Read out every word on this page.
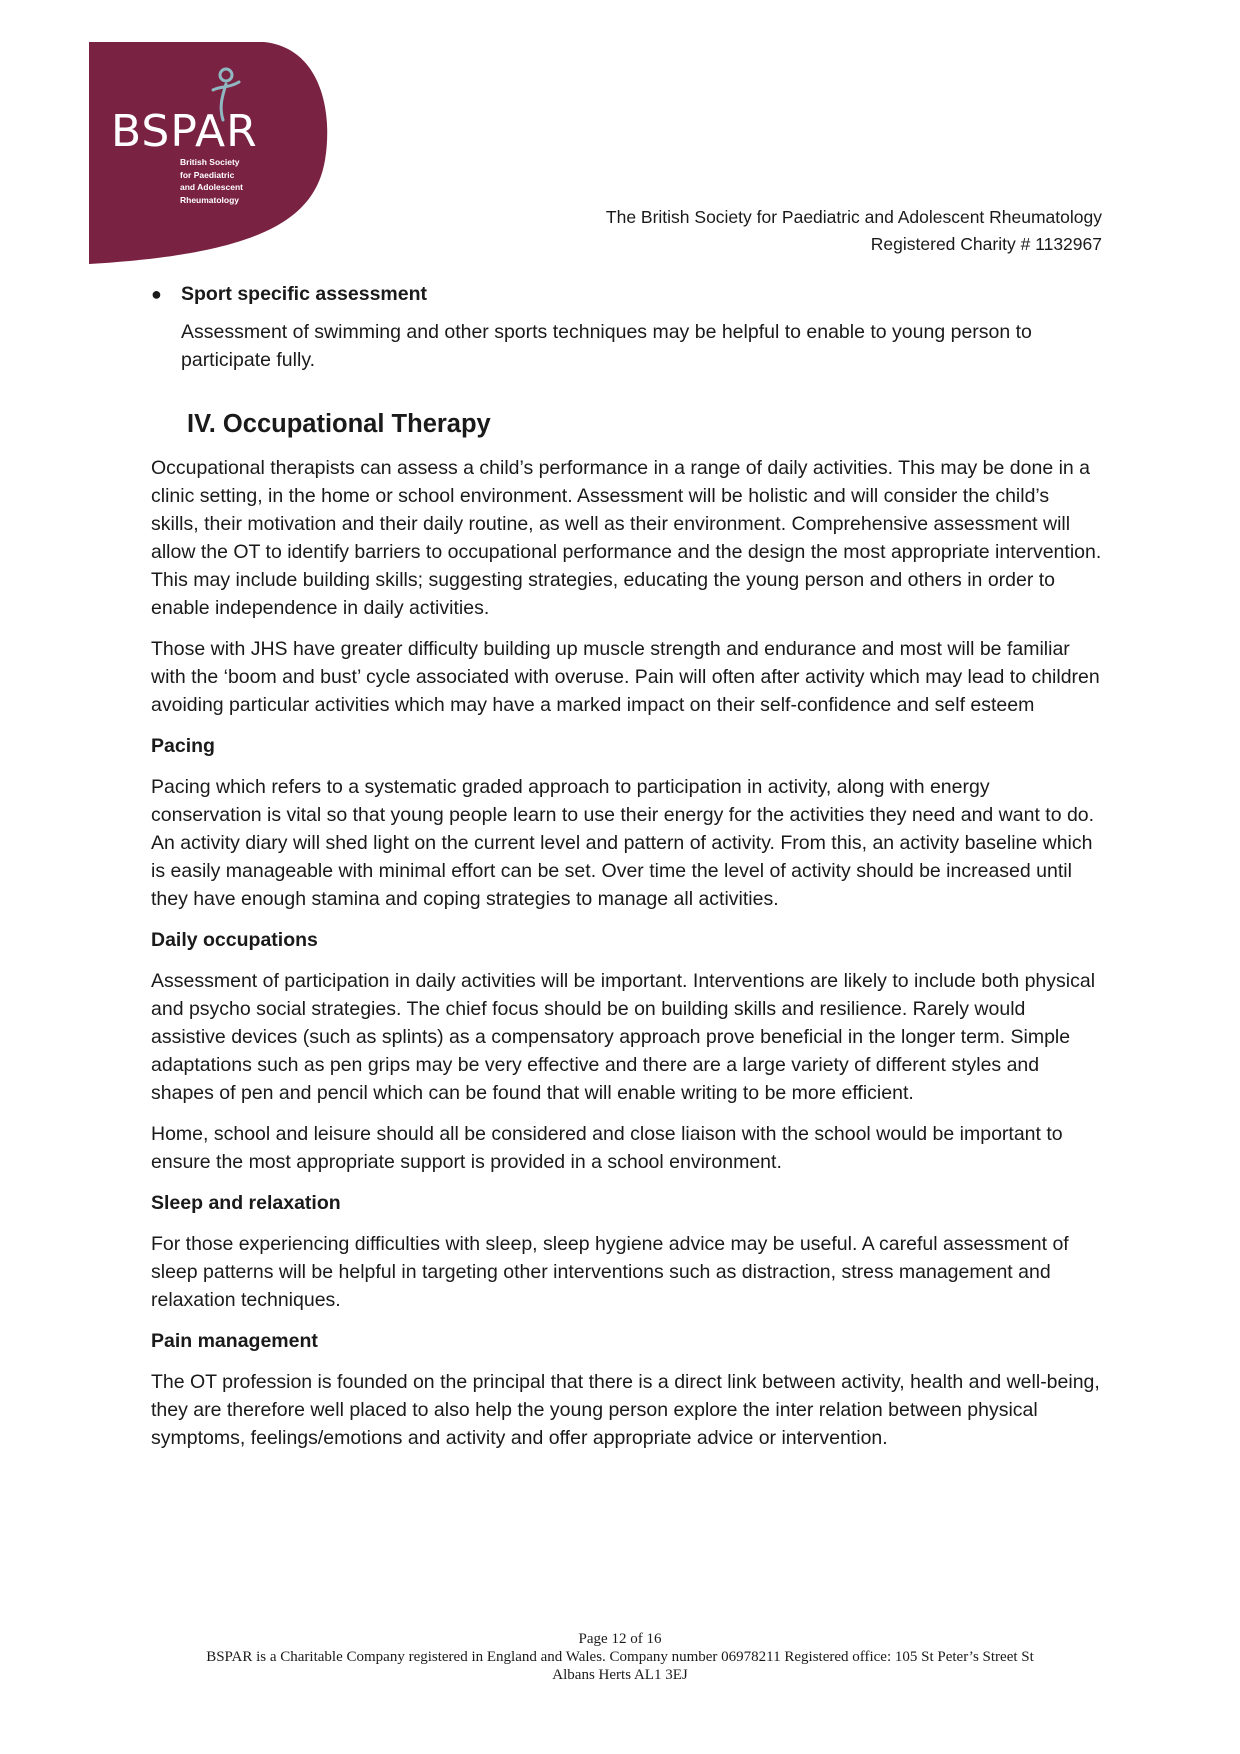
BSPAR
British Society
for Paediatric
and Adolescent
Rheumatology
The British Society for Paediatric and Adolescent Rheumatology
Registered Charity # 1132967
● Sport specific assessment

Assessment of swimming and other sports techniques may be helpful to enable to young person to participate fully.

IV. Occupational Therapy

Occupational therapists can assess a child’s performance in a range of daily activities. This may be done in a clinic setting, in the home or school environment. Assessment will be holistic and will consider the child’s skills, their motivation and their daily routine, as well as their environment. Comprehensive assessment will allow the OT to identify barriers to occupational performance and the design the most appropriate intervention. This may include building skills; suggesting strategies, educating the young person and others in order to enable independence in daily activities.

Those with JHS have greater difficulty building up muscle strength and endurance and most will be familiar with the ‘boom and bust’ cycle associated with overuse. Pain will often after activity which may lead to children avoiding particular activities which may have a marked impact on their self-confidence and self esteem

Pacing

Pacing which refers to a systematic graded approach to participation in activity, along with energy conservation is vital so that young people learn to use their energy for the activities they need and want to do. An activity diary will shed light on the current level and pattern of activity. From this, an activity baseline which is easily manageable with minimal effort can be set. Over time the level of activity should be increased until they have enough stamina and coping strategies to manage all activities.

Daily occupations

Assessment of participation in daily activities will be important. Interventions are likely to include both physical and psycho social strategies. The chief focus should be on building skills and resilience. Rarely would assistive devices (such as splints) as a compensatory approach prove beneficial in the longer term. Simple adaptations such as pen grips may be very effective and there are a large variety of different styles and shapes of pen and pencil which can be found that will enable writing to be more efficient.

Home, school and leisure should all be considered and close liaison with the school would be important to ensure the most appropriate support is provided in a school environment.

Sleep and relaxation

For those experiencing difficulties with sleep, sleep hygiene advice may be useful. A careful assessment of sleep patterns will be helpful in targeting other interventions such as distraction, stress management and relaxation techniques.

Pain management

The OT profession is founded on the principal that there is a direct link between activity, health and well-being, they are therefore well placed to also help the young person explore the inter relation between physical symptoms, feelings/emotions and activity and offer appropriate advice or intervention.

Page 12 of 16
BSPAR is a Charitable Company registered in England and Wales. Company number 06978211 Registered office: 105 St Peter’s Street St
Albans Herts AL1 3EJ
